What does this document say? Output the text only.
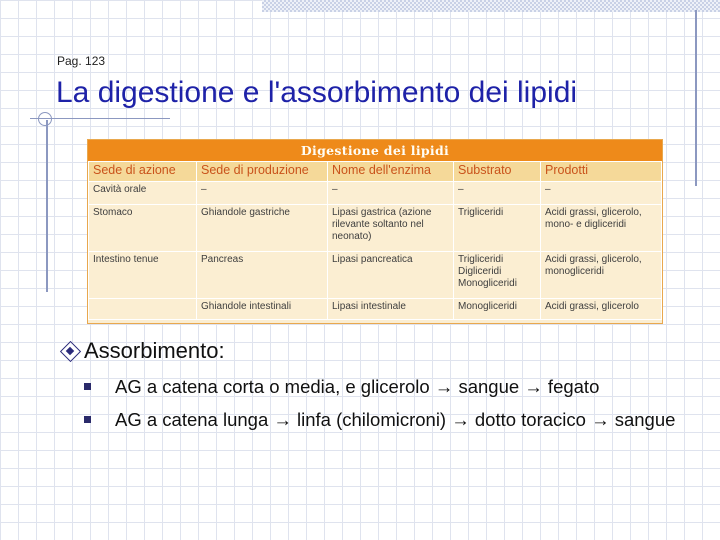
Pag. 123
La digestione e l'assorbimento dei lipidi
Digestione dei lipidi
Sede di azione	Sede di produzione	Nome dell'enzima	Substrato	Prodotti
Cavità orale	–	–	–	–
Stomaco	Ghiandole gastriche	Lipasi gastrica (azione rilevante soltanto nel neonato)	Trigliceridi	Acidi grassi, glicerolo, mono- e digliceridi
Intestino tenue	Pancreas	Lipasi pancreatica	Trigliceridi Digliceridi Monogliceridi	Acidi grassi, glicerolo, monogliceridi
	Ghiandole intestinali	Lipasi intestinale	Monogliceridi	Acidi grassi, glicerolo
Assorbimento:
AG a catena corta o media, e glicerolo → sangue → fegato
AG a catena lunga → linfa (chilomicroni) → dotto toracico → sangue
